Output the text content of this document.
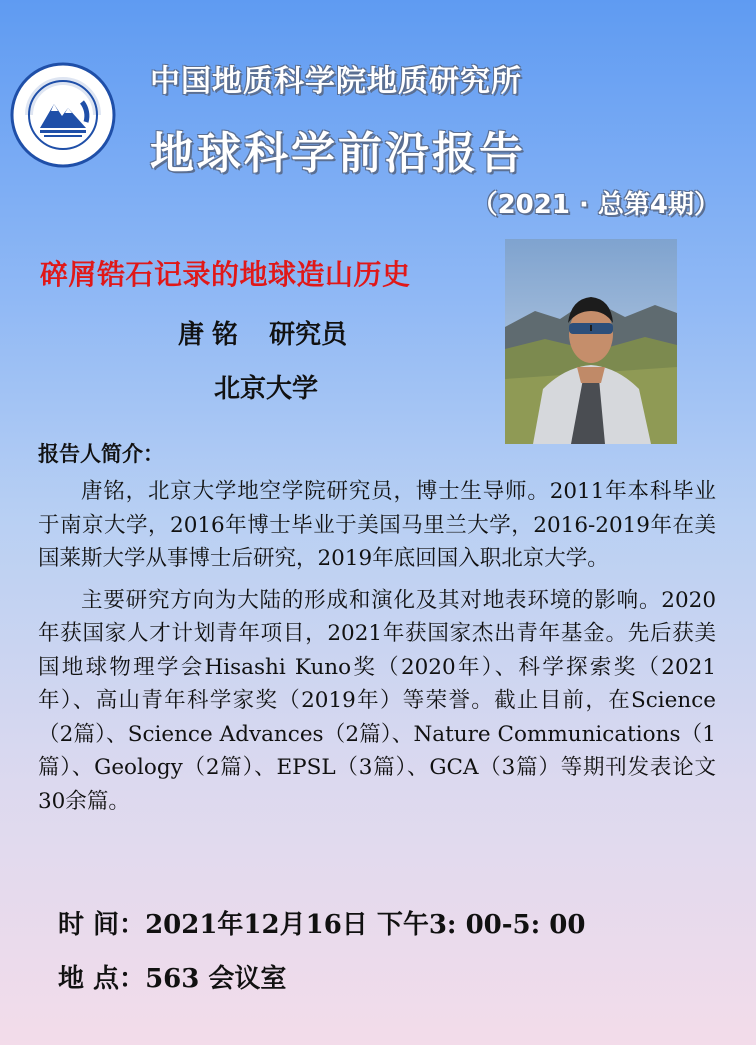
中国地质科学院地质研究所
地球科学前沿报告
（2021 · 总第4期）
碎屑锆石记录的地球造山历史
唐铭 研究员
北京大学
报告人简介：

唐铭，北京大学地空学院研究员，博士生导师。2011年本科毕业于南京大学，2016年博士毕业于美国马里兰大学，2016-2019年在美国莱斯大学从事博士后研究，2019年底回国入职北京大学。

主要研究方向为大陆的形成和演化及其对地表环境的影响。2020年获国家人才计划青年项目，2021年获国家杰出青年基金。先后获美国地球物理学会Hisashi Kuno奖（2020年）、科学探索奖（2021年）、高山青年科学家奖（2019年）等荣誉。截止目前，在Science（2篇）、Science Advances（2篇）、Nature Communications（1篇）、Geology（2篇）、EPSL（3篇）、GCA（3篇）等期刊发表论文30余篇。

时 间：2021年12月16日 下午3: 00-5: 00
地 点：563 会议室
